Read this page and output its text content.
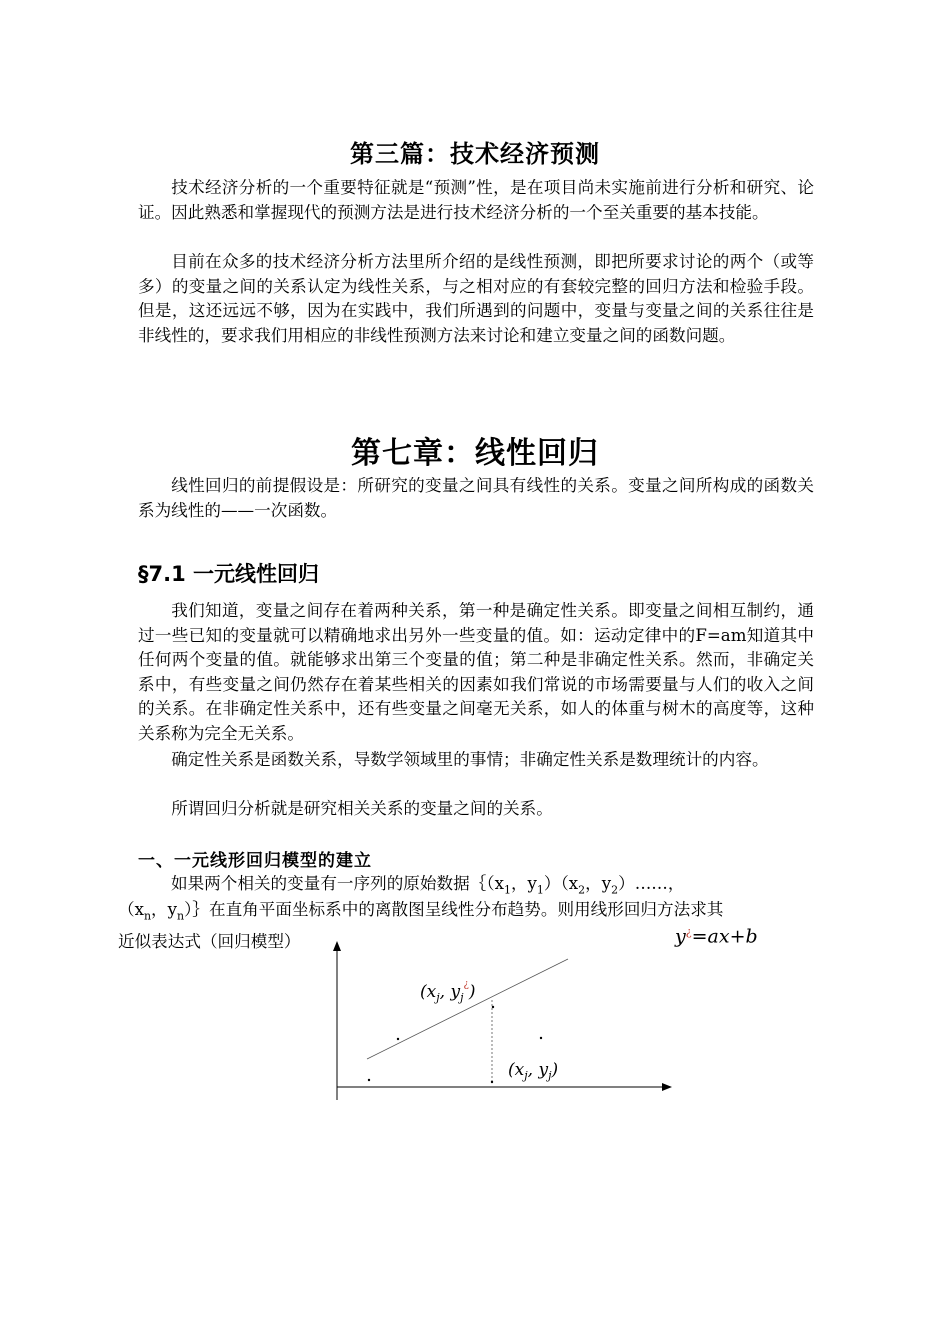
第三篇：技术经济预测

技术经济分析的一个重要特征就是“预测”性，是在项目尚未实施前进行分析和研究、论证。因此熟悉和掌握现代的预测方法是进行技术经济分析的一个至关重要的基本技能。

目前在众多的技术经济分析方法里所介绍的是线性预测，即把所要求讨论的两个（或等多）的变量之间的关系认定为线性关系，与之相对应的有套较完整的回归方法和检验手段。但是，这还远远不够，因为在实践中，我们所遇到的问题中，变量与变量之间的关系往往是非线性的，要求我们用相应的非线性预测方法来讨论和建立变量之间的函数问题。

第七章：线性回归

线性回归的前提假设是：所研究的变量之间具有线性的关系。变量之间所构成的函数关系为线性的——一次函数。

§7.1 一元线性回归

我们知道，变量之间存在着两种关系，第一种是确定性关系。即变量之间相互制约，通过一些已知的变量就可以精确地求出另外一些变量的值。如：运动定律中的F=am知道其中任何两个变量的值。就能够求出第三个变量的值；第二种是非确定性关系。然而，非确定关系中，有些变量之间仍然存在着某些相关的因素如我们常说的市场需要量与人们的收入之间的关系。在非确定性关系中，还有些变量之间毫无关系，如人的体重与树木的高度等，这种关系称为完全无关系。

确定性关系是函数关系，导数学领域里的事情；非确定性关系是数理统计的内容。

所谓回归分析就是研究相关关系的变量之间的关系。

一、一元线形回归模型的建立
如果两个相关的变量有一序列的原始数据$\{(x_1$，$y_1)(x_2$，$y_2)\dots\dots$，
（$x_n$，$y_n)\}$在直角平面坐标系中的离散图呈线性分布趋势。则用线形回归方法求其
近似表达式（回归模型）	y¿=ax+b
($x_j$, $y_j^¿$)
($x_j$, $y_j$)
